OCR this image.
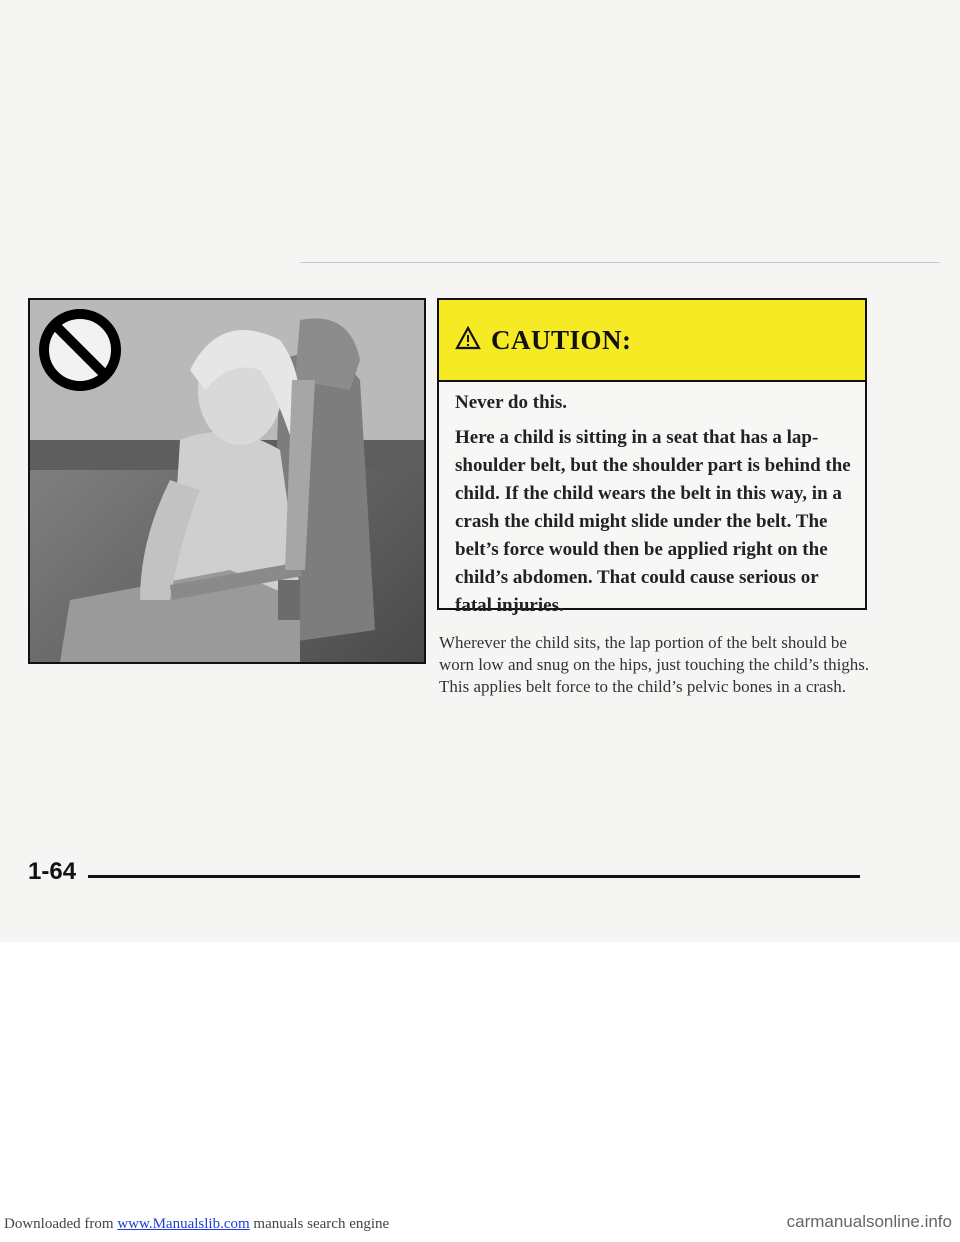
CAUTION:

Never do this.

Here a child is sitting in a seat that has a lap-shoulder belt, but the shoulder part is behind the child. If the child wears the belt in this way, in a crash the child might slide under the belt. The belt’s force would then be applied right on the child’s abdomen. That could cause serious or fatal injuries.

Wherever the child sits, the lap portion of the belt should be worn low and snug on the hips, just touching the child’s thighs. This applies belt force to the child’s pelvic bones in a crash.

1-64
Downloaded from www.Manualslib.com manuals search engine	carmanualsonline.info
